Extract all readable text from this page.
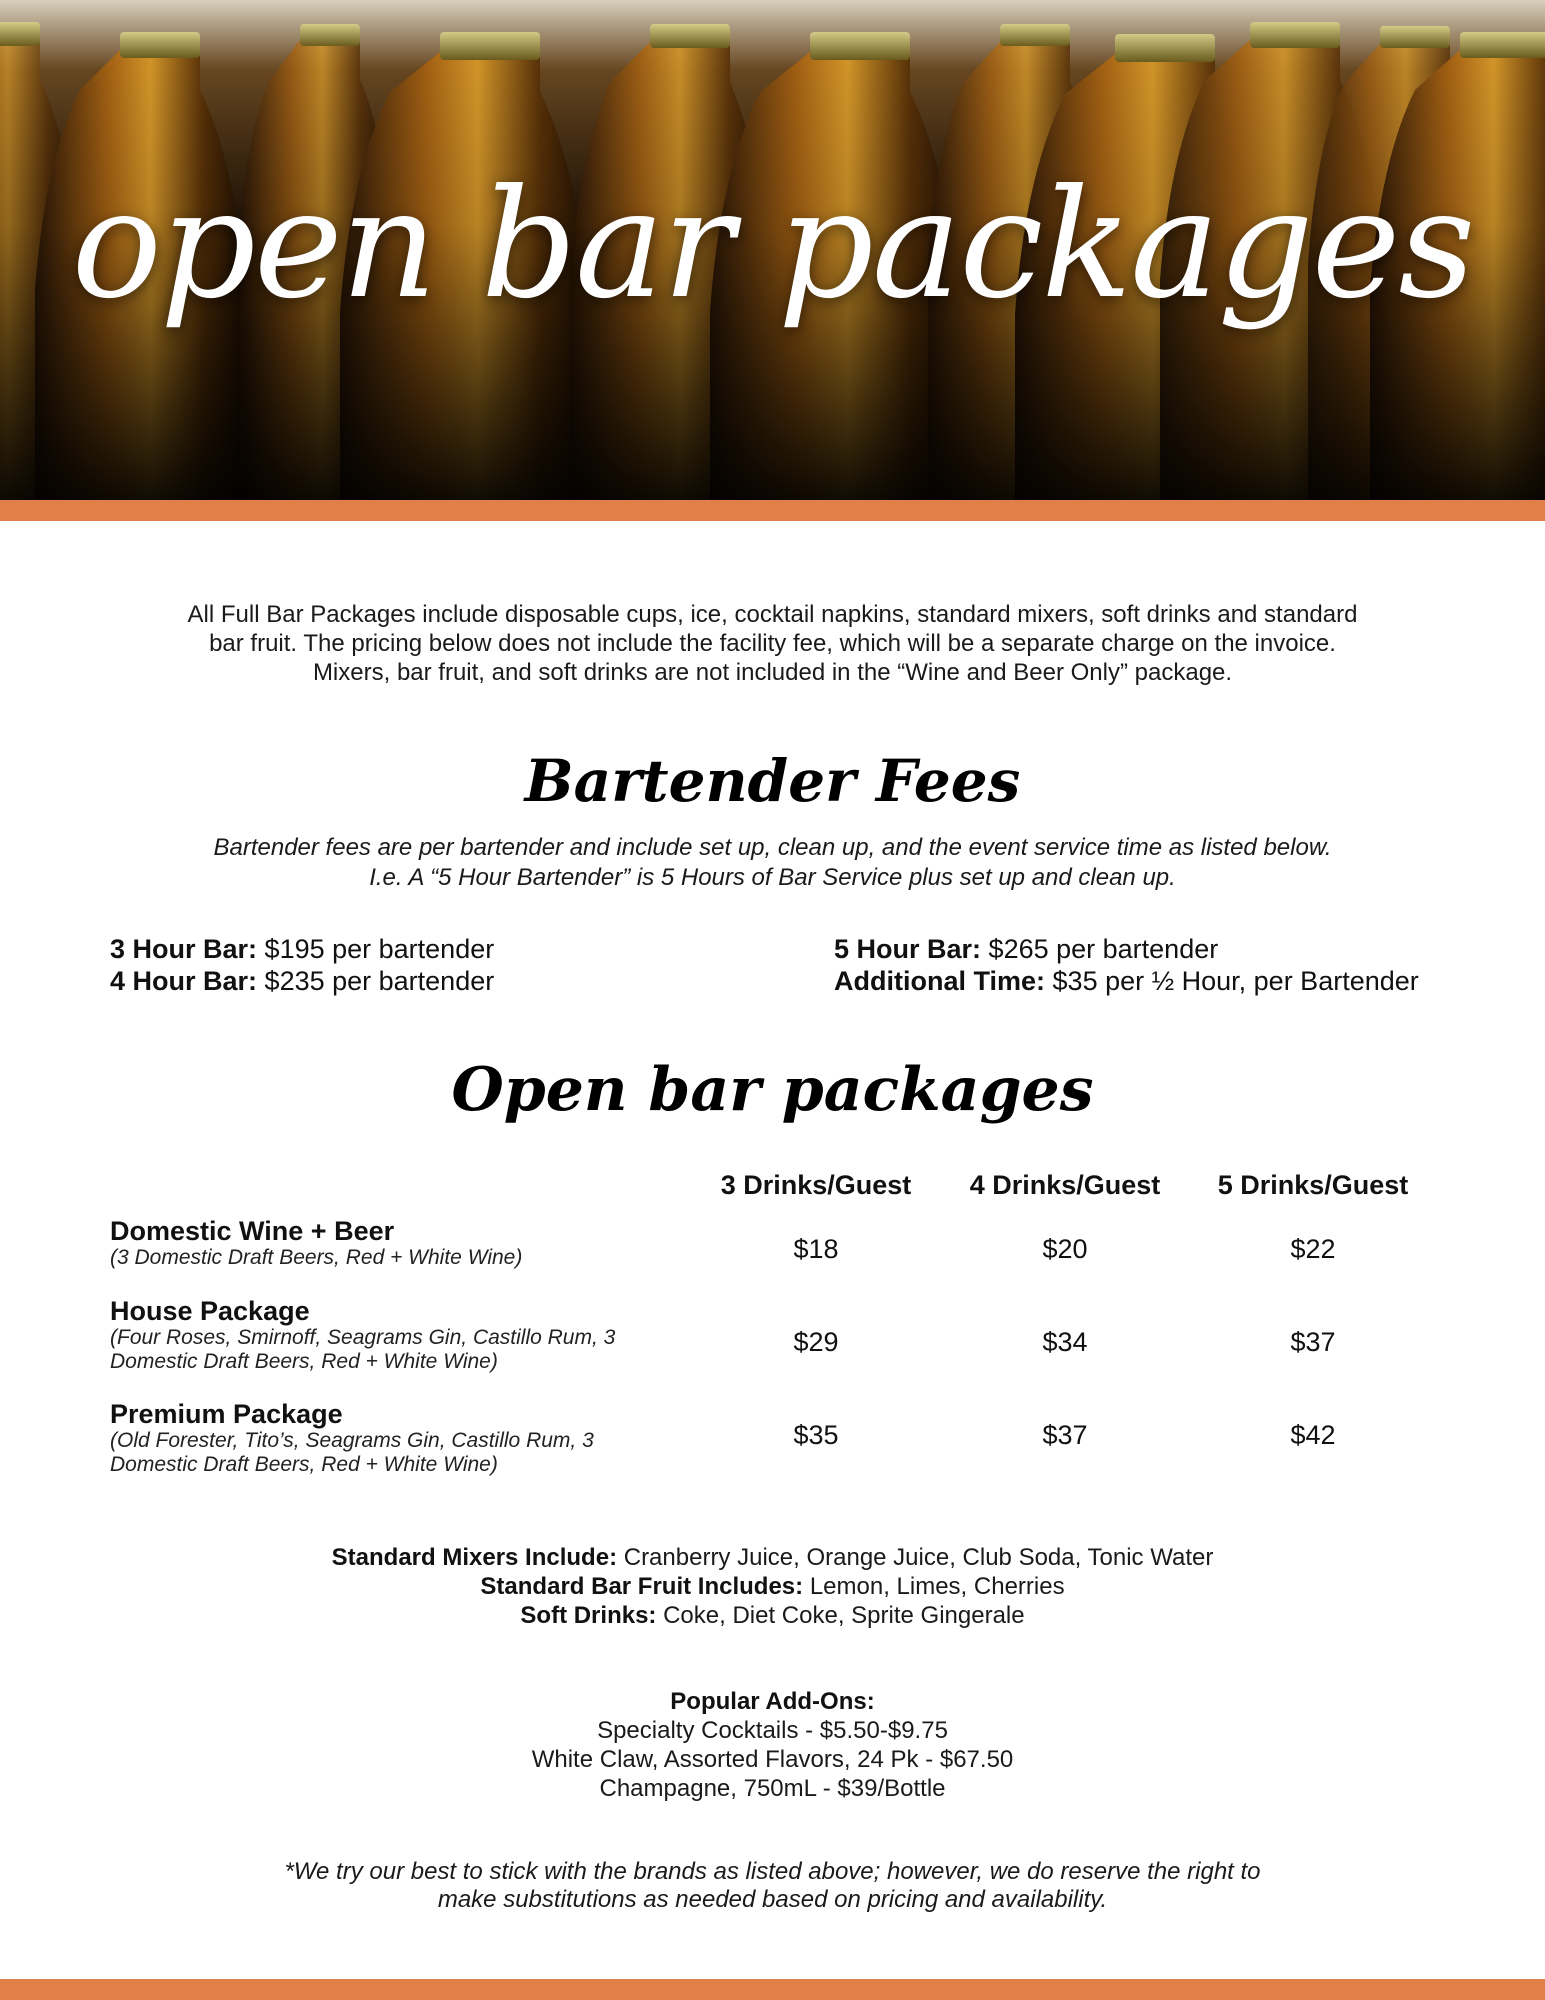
open bar packages
All Full Bar Packages include disposable cups, ice, cocktail napkins, standard mixers, soft drinks and standard
bar fruit. The pricing below does not include the facility fee, which will be a separate charge on the invoice.
Mixers, bar fruit, and soft drinks are not included in the “Wine and Beer Only” package.
Bartender Fees
Bartender fees are per bartender and include set up, clean up, and the event service time as listed below.
I.e. A “5 Hour Bartender” is 5 Hours of Bar Service plus set up and clean up.
3 Hour Bar: $195 per bartender
4 Hour Bar: $235 per bartender
5 Hour Bar: $265 per bartender
Additional Time: $35 per ½ Hour, per Bartender
Open bar packages
3 Drinks/Guest	4 Drinks/Guest	5 Drinks/Guest
Domestic Wine + Beer
(3 Domestic Draft Beers, Red + White Wine)	$18	$20	$22
House Package
(Four Roses, Smirnoff, Seagrams Gin, Castillo Rum, 3
Domestic Draft Beers, Red + White Wine)
$29	$34	$37
Premium Package
(Old Forester, Tito’s, Seagrams Gin, Castillo Rum, 3
Domestic Draft Beers, Red + White Wine)
$35	$37	$42
Standard Mixers Include: Cranberry Juice, Orange Juice, Club Soda, Tonic Water
Standard Bar Fruit Includes: Lemon, Limes, Cherries
Soft Drinks: Coke, Diet Coke, Sprite Gingerale
Popular Add-Ons:
Specialty Cocktails - $5.50-$9.75
White Claw, Assorted Flavors, 24 Pk - $67.50
Champagne, 750mL - $39/Bottle
*We try our best to stick with the brands as listed above; however, we do reserve the right to
make substitutions as needed based on pricing and availability.
